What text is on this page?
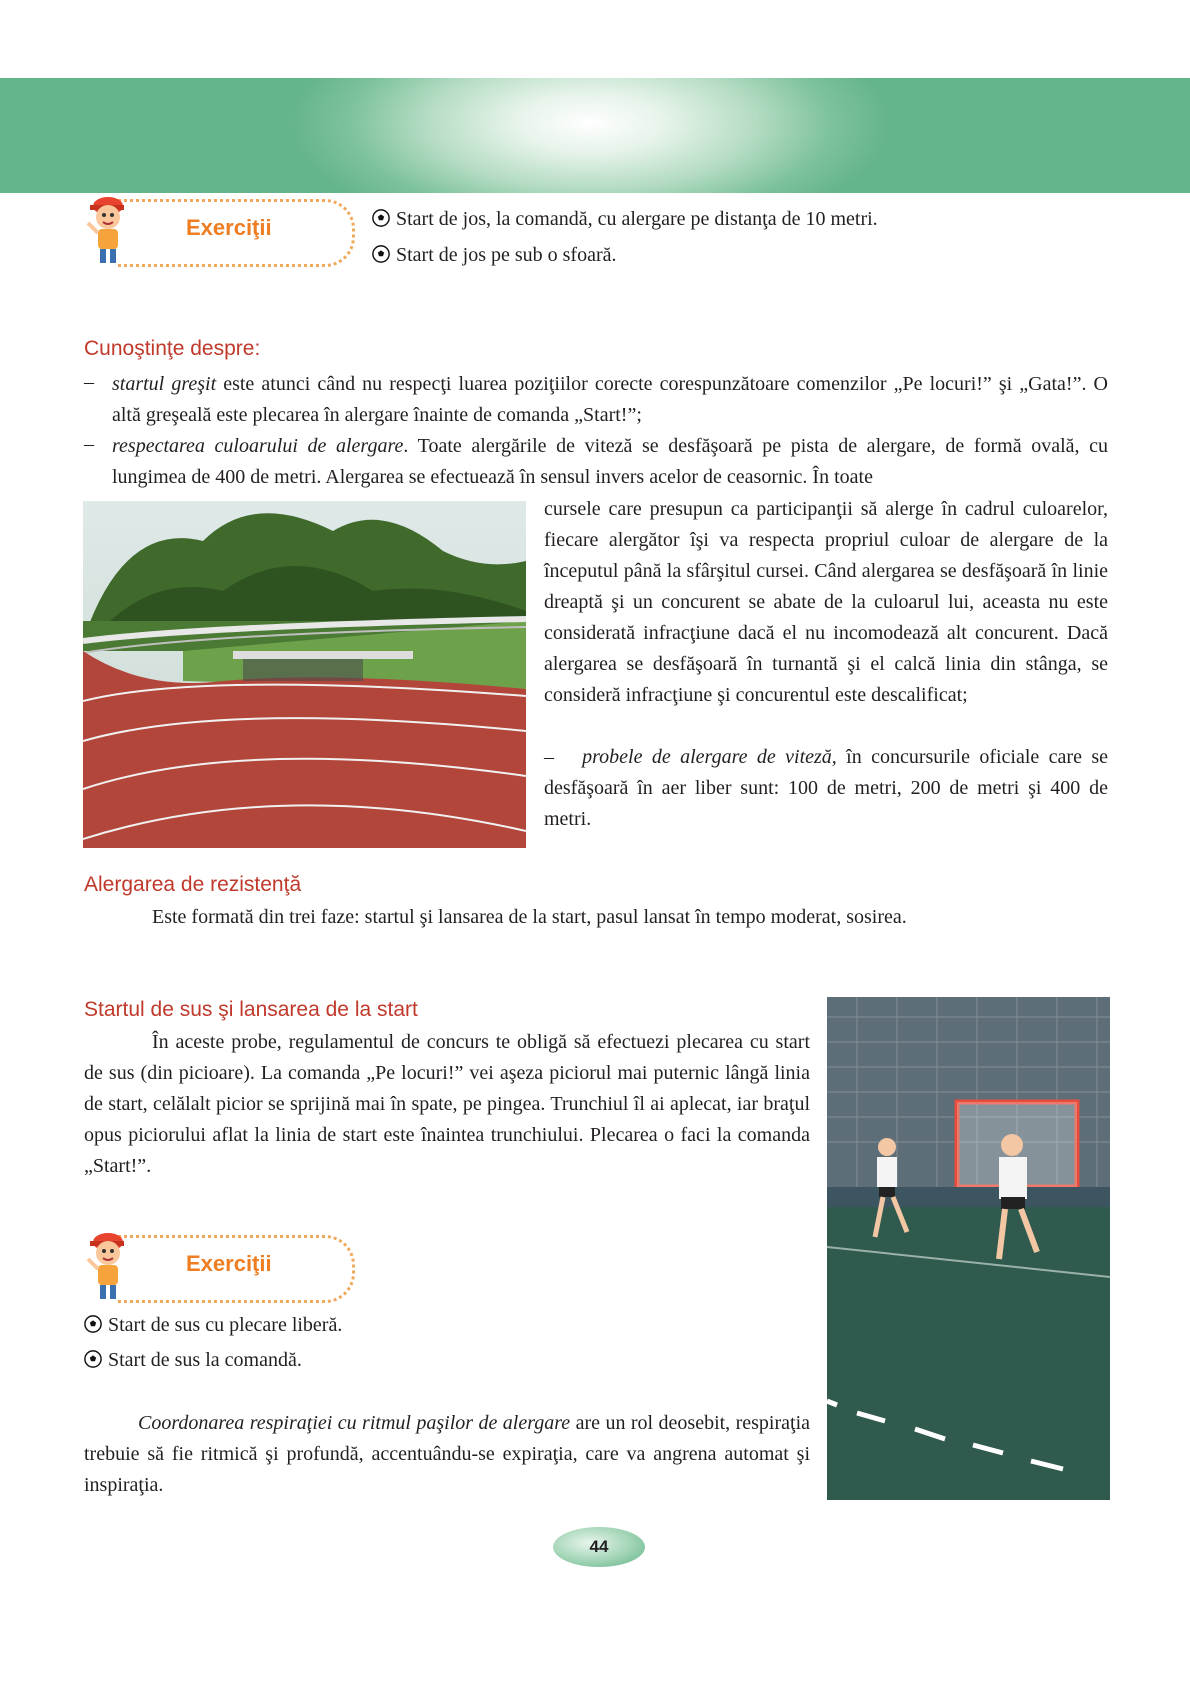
Exerciţii	Start de jos, la comandă, cu alergare pe distanţa de 10 metri.
Start de jos pe sub o sfoară.
Cunoştinţe despre:
– startul greşit este atunci când nu respecţi luarea poziţiilor corecte corespunzătoare comenzilor „Pe locuri!” şi „Gata!”. O altă greşeală este plecarea în alergare înainte de comanda „Start!”;

– respectarea culoarului de alergare. Toate alergările de viteză se desfăşoară pe pista de alergare, de formă ovală, cu lungimea de 400 de metri. Alergarea se efectuează în sensul invers acelor de ceasornic. În toate

cursele care presupun ca participanţii să alerge în cadrul culoarelor, fiecare alergător îşi va respecta propriul culoar de alergare de la începutul până la sfârşitul cursei. Când alergarea se desfăşoară în linie dreaptă şi un concurent se abate de la culoarul lui, aceasta nu este considerată infracţiune dacă el nu incomodează alt concurent. Dacă alergarea se desfăşoară în turnantă şi el calcă linia din stânga, se consideră infracţiune şi concurentul este descalificat;

– probele de alergare de viteză, în concursurile oficiale care se desfăşoară în aer liber sunt: 100 de metri, 200 de metri şi 400 de metri.

Alergarea de rezistenţă
Este formată din trei faze: startul şi lansarea de la start, pasul lansat în tempo moderat, sosirea.
Startul de sus şi lansarea de la start
În aceste probe, regulamentul de concurs te obligă să efectuezi plecarea cu start de sus (din picioare). La comanda „Pe locuri!” vei aşeza piciorul mai puternic lângă linia de start, celălalt picior se sprijină mai în spate, pe pingea. Trunchiul îl ai aplecat, iar braţul opus piciorului aflat la linia de start este înaintea trunchiului. Plecarea o faci la comanda „Start!”.
Exerciţii
Start de sus cu plecare liberă.
Start de sus la comandă.

Coordonarea respiraţiei cu ritmul paşilor de alergare are un rol deosebit, respiraţia trebuie să fie ritmică şi profundă, accentuându-se expiraţia, care va angrena automat şi inspiraţia.

44
